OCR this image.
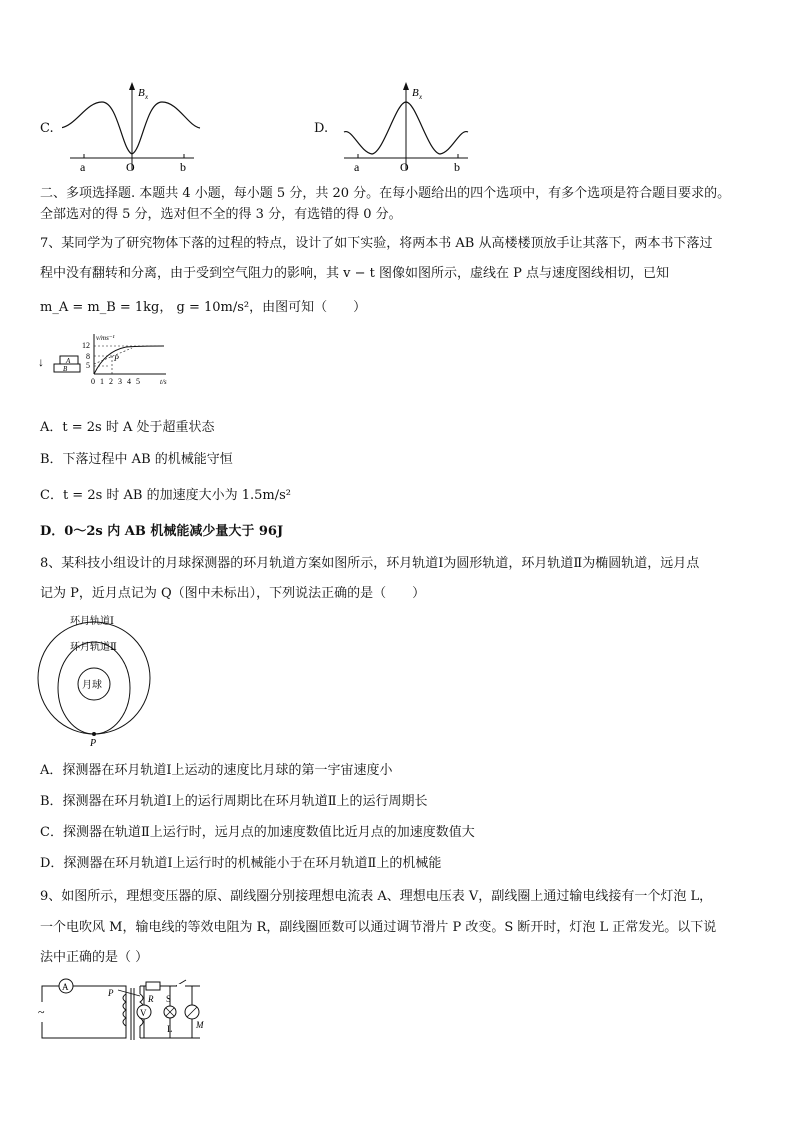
C.
B x
a	O	b
D.
B x
a	O	b
二、多项选择题. 本题共 4 小题，每小题 5 分，共 20 分。在每小题给出的四个选项中，有多个选项是符合题目要求的。
全部选对的得 5 分，选对但不全的得 3 分，有选错的得 0 分。
7、某同学为了研究物体下落的过程的特点，设计了如下实验，将两本书 AB 从高楼楼顶放手让其落下，两本书下落过
程中没有翻转和分离，由于受到空气阻力的影响，其 v − t 图像如图所示，虚线在 P 点与速度图线相切，已知
m_A = m_B = 1kg， g = 10m/s²，由图可知（　　）
↓	A
B
v/ms⁻¹
t/s
12
8
5
P
0 1 2 3 4 5
A．t = 2s 时 A 处于超重状态
B．下落过程中 AB 的机械能守恒
C．t = 2s 时 AB 的加速度大小为 1.5m/s²
D．0～2s 内 AB 机械能减少量大于 96J
8、某科技小组设计的月球探测器的环月轨道方案如图所示，环月轨道Ⅰ为圆形轨道，环月轨道Ⅱ为椭圆轨道，远月点
记为 P，近月点记为 Q（图中未标出），下列说法正确的是（　　）
环月轨道Ⅰ
环月轨道Ⅱ
月球
P
A．探测器在环月轨道Ⅰ上运动的速度比月球的第一宇宙速度小
B．探测器在环月轨道Ⅰ上的运行周期比在环月轨道Ⅱ上的运行周期长
C．探测器在轨道Ⅱ上运行时，远月点的加速度数值比近月点的加速度数值大
D．探测器在环月轨道Ⅰ上运行时的机械能小于在环月轨道Ⅱ上的机械能
9、如图所示，理想变压器的原、副线圈分别接理想电流表 A、理想电压表 V，副线圈上通过输电线接有一个灯泡 L，
一个电吹风 M，输电线的等效电阻为 R，副线圈匝数可以通过调节滑片 P 改变。S 断开时，灯泡 L 正常发光。以下说
法中正确的是（ ）
~
A
P
R
V
L
S
M
